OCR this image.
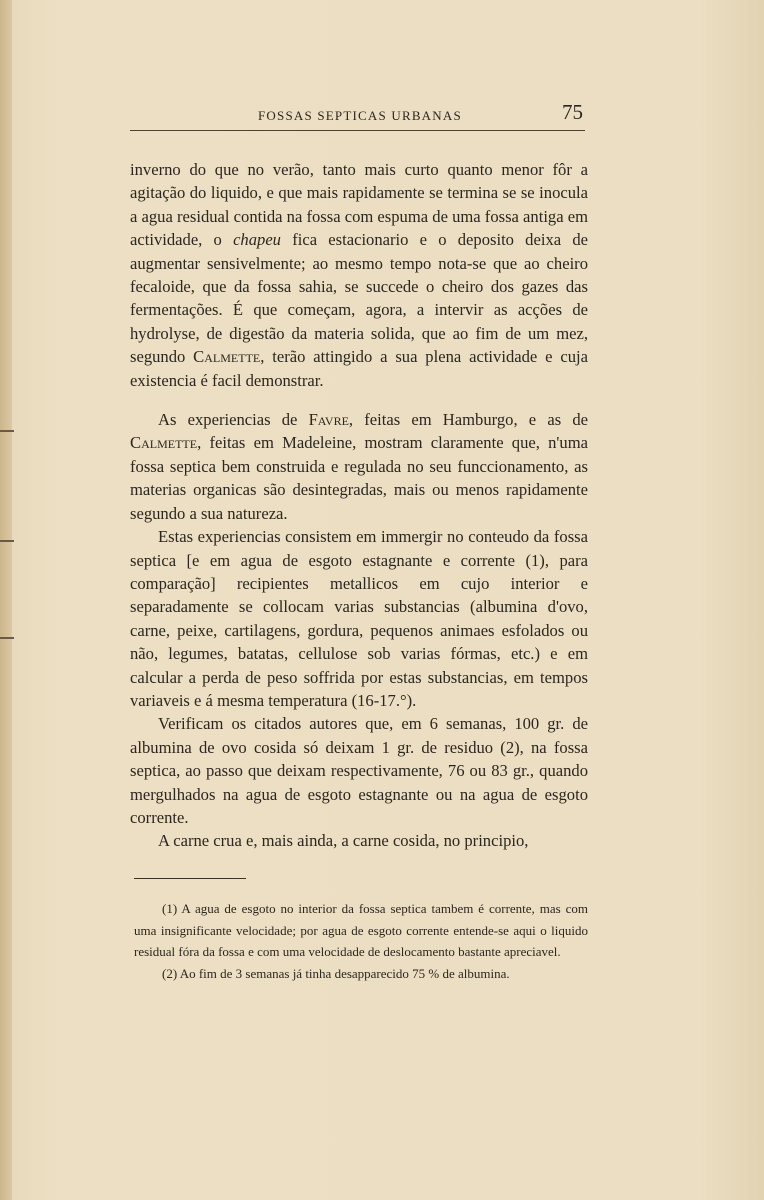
FOSSAS SEPTICAS URBANAS	75

inverno do que no verão, tanto mais curto quanto menor fôr a agitação do liquido, e que mais rapidamente se termina se se inocula a agua residual contida na fossa com espuma de uma fossa antiga em actividade, o chapeu fica estacionario e o deposito deixa de augmentar sensivelmente; ao mesmo tempo nota-se que ao cheiro fecaloide, que da fossa sahia, se succede o cheiro dos gazes das fermentações. É que começam, agora, a intervir as acções de hydrolyse, de digestão da materia solida, que ao fim de um mez, segundo Calmette, terão attingido a sua plena actividade e cuja existencia é facil demonstrar.

As experiencias de Favre, feitas em Hamburgo, e as de Calmette, feitas em Madeleine, mostram claramente que, n'uma fossa septica bem construida e regulada no seu funccionamento, as materias organicas são desintegradas, mais ou menos rapidamente segundo a sua natureza.

Estas experiencias consistem em immergir no conteudo da fossa septica [e em agua de esgoto estagnante e corrente (1), para comparação] recipientes metallicos em cujo interior e separadamente se collocam varias substancias (albumina d'ovo, carne, peixe, cartilagens, gordura, pequenos animaes esfolados ou não, legumes, batatas, cellulose sob varias fórmas, etc.) e em calcular a perda de peso soffrida por estas substancias, em tempos variaveis e á mesma temperatura (16-17.°).

Verificam os citados autores que, em 6 semanas, 100 gr. de albumina de ovo cosida só deixam 1 gr. de residuo (2), na fossa septica, ao passo que deixam respectivamente, 76 ou 83 gr., quando mergulhados na agua de esgoto estagnante ou na agua de esgoto corrente.

A carne crua e, mais ainda, a carne cosida, no principio,

(1) A agua de esgoto no interior da fossa septica tambem é corrente, mas com uma insignificante velocidade; por agua de esgoto corrente entende-se aqui o liquido residual fóra da fossa e com uma velocidade de deslocamento bastante apreciavel.

(2) Ao fim de 3 semanas já tinha desapparecido 75 % de albumina.
